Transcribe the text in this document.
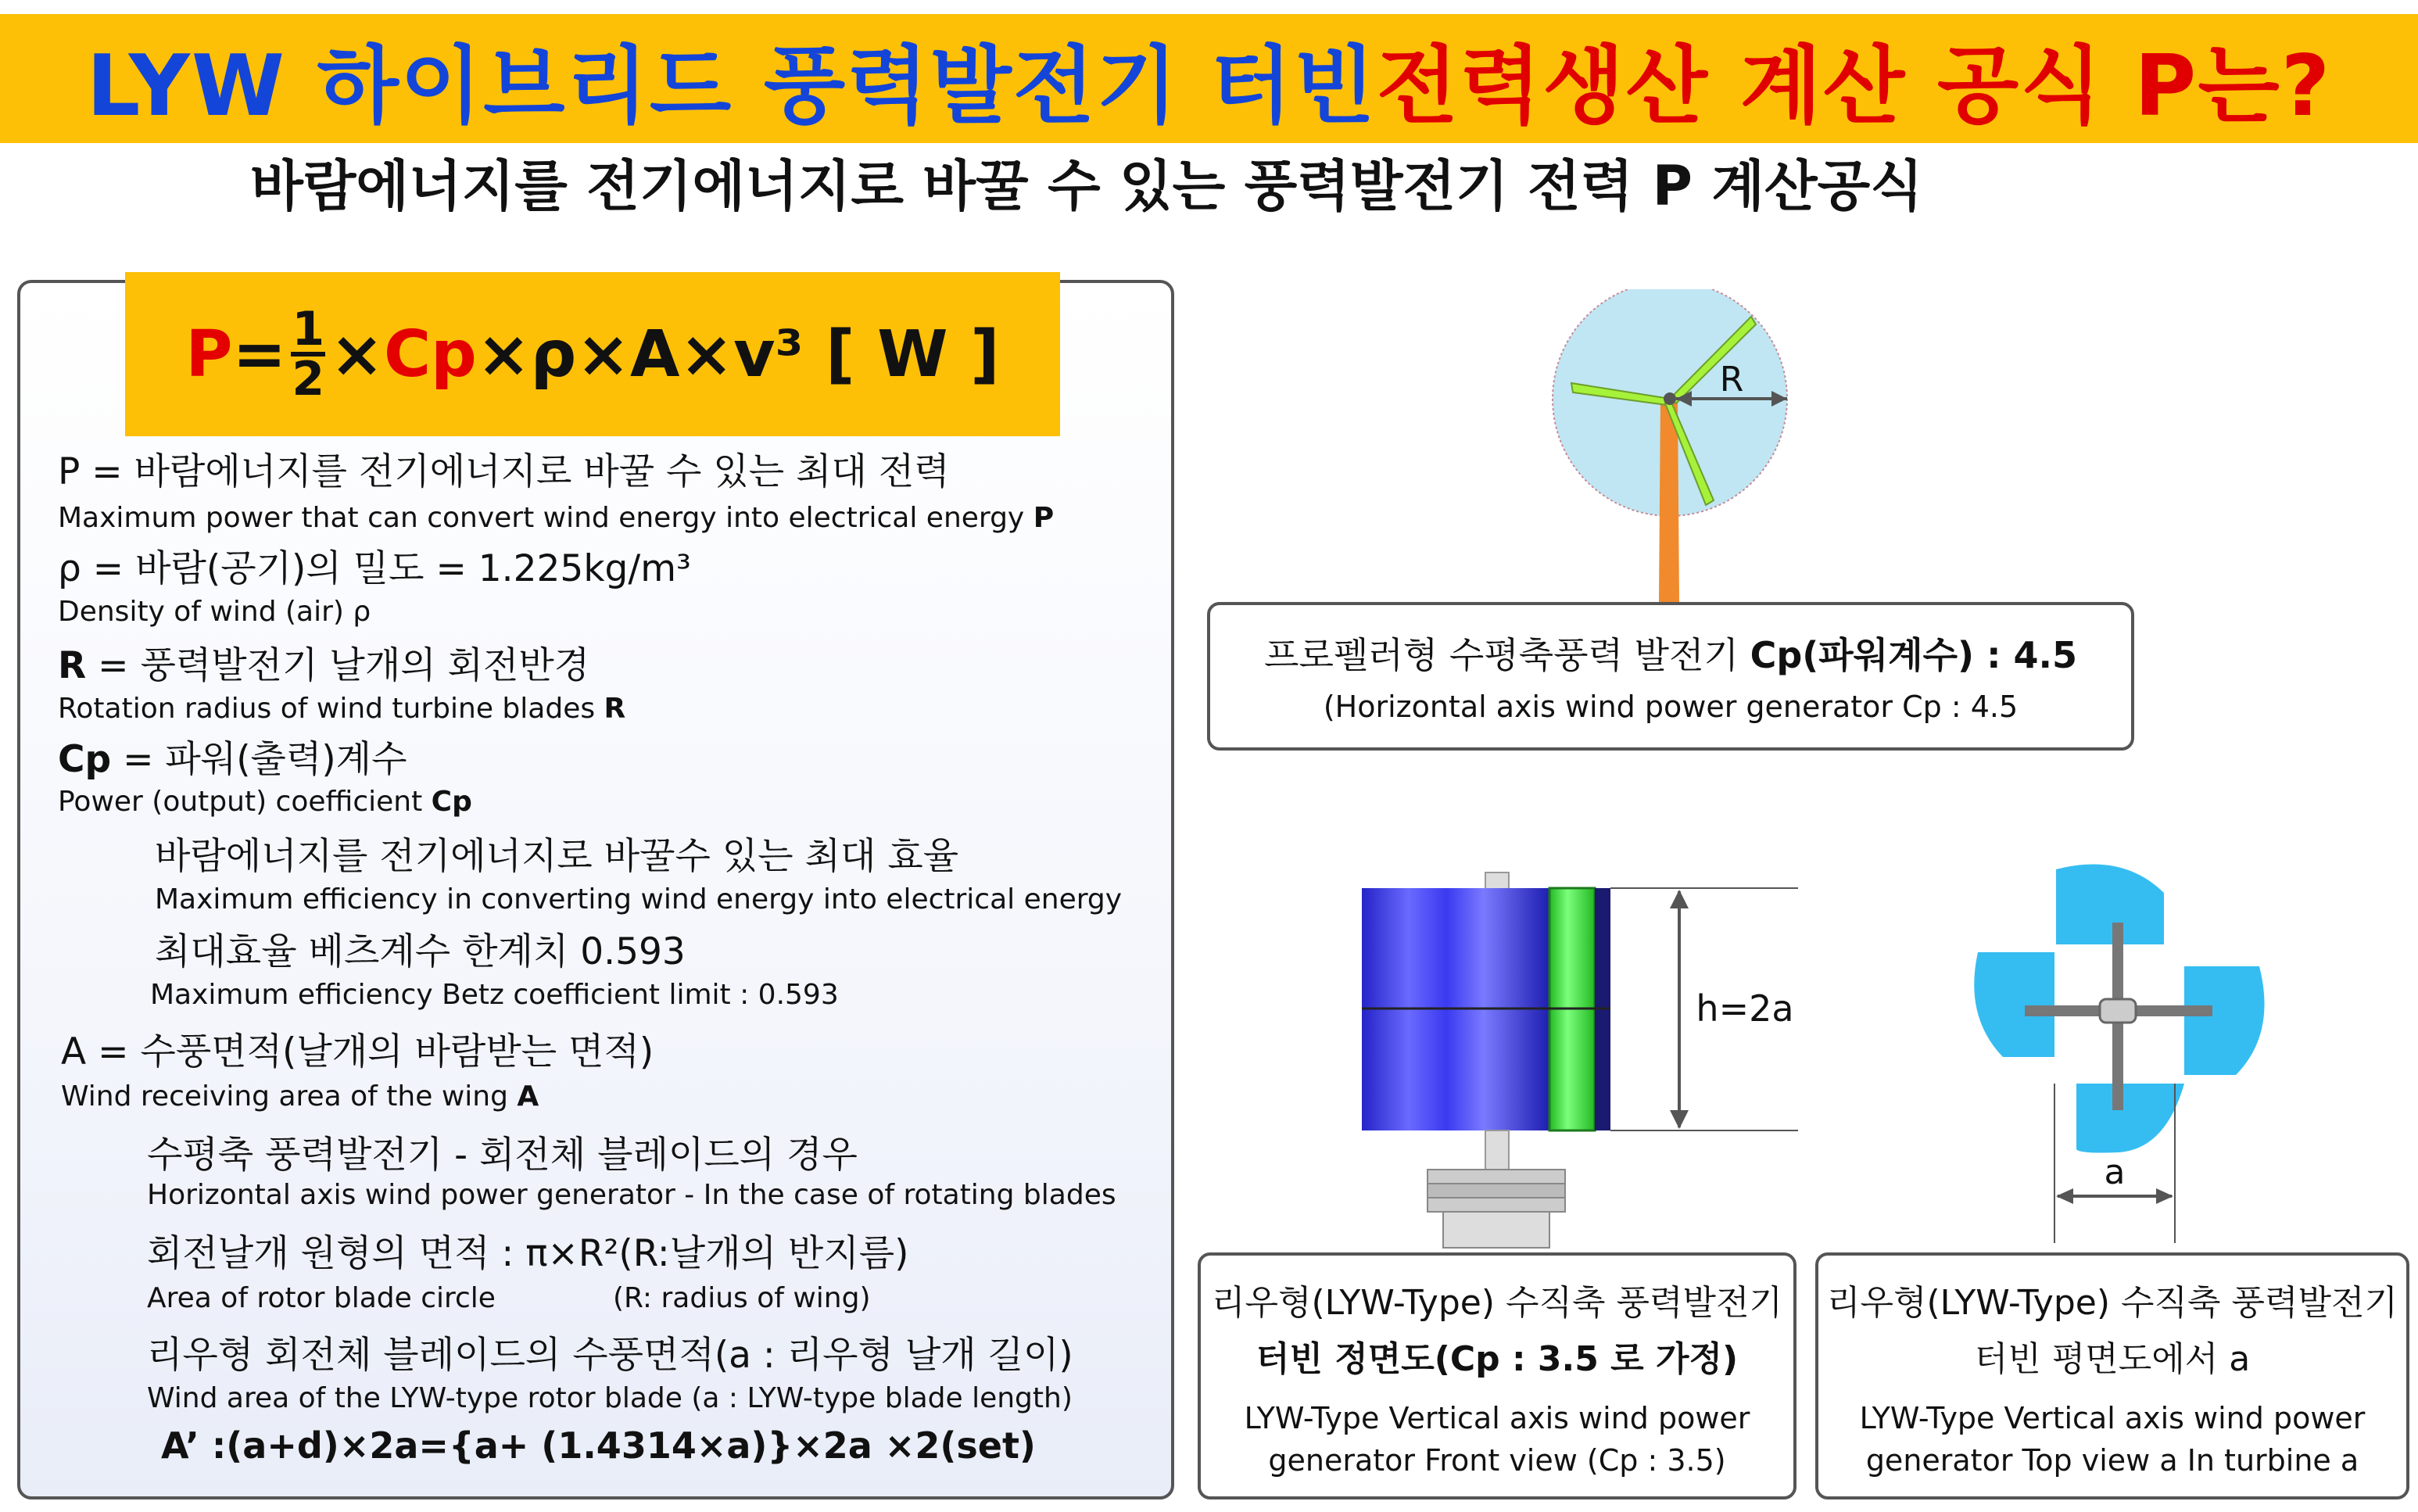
LYW 하이브리드 풍력발전기 터빈 전력생산 계산 공식 P는?
바람에너지를 전기에너지로 바꿀 수 있는 풍력발전기 전력 P 계산공식
P = 1
2 × Cp ×ρ×A×v³ [ W ]
P = 바람에너지를 전기에너지로 바꿀 수 있는 최대 전력
Maximum power that can convert wind energy into electrical energy P
ρ = 바람(공기)의 밀도 = 1.225kg/m³
Density of wind (air) ρ
R = 풍력발전기 날개의 회전반경
Rotation radius of wind turbine blades R
Cp = 파워(출력)계수
Power (output) coefficient Cp
바람에너지를 전기에너지로 바꿀수 있는 최대 효율
Maximum efficiency in converting wind energy into electrical energy
최대효율 베츠계수 한계치 0.593
Maximum efficiency Betz coefficient limit : 0.593
A = 수풍면적(날개의 바람받는 면적)
Wind receiving area of the wing A
수평축 풍력발전기 - 회전체 블레이드의 경우
Horizontal axis wind power generator - In the case of rotating blades
회전날개 원형의 면적 : π×R²(R:날개의 반지름)
Area of rotor blade circle	(R: radius of wing)
리우형 회전체 블레이드의 수풍면적(a : 리우형 날개 길이)
Wind area of the LYW-type rotor blade (a : LYW-type blade length)
A’ :(a+d)×2a={a+ (1.4314×a)}×2a ×2(set)
R
프로펠러형 수평축풍력 발전기 Cp(파워계수) : 4.5
(Horizontal axis wind power generator Cp : 4.5
h=2a
리우형(LYW-Type) 수직축 풍력발전기
터빈 정면도(Cp : 3.5 로 가정)
LYW-Type Vertical axis wind power
generator Front view (Cp : 3.5)
a
리우형(LYW-Type) 수직축 풍력발전기
터빈 평면도에서 a
LYW-Type Vertical axis wind power
generator Top view a In turbine a
